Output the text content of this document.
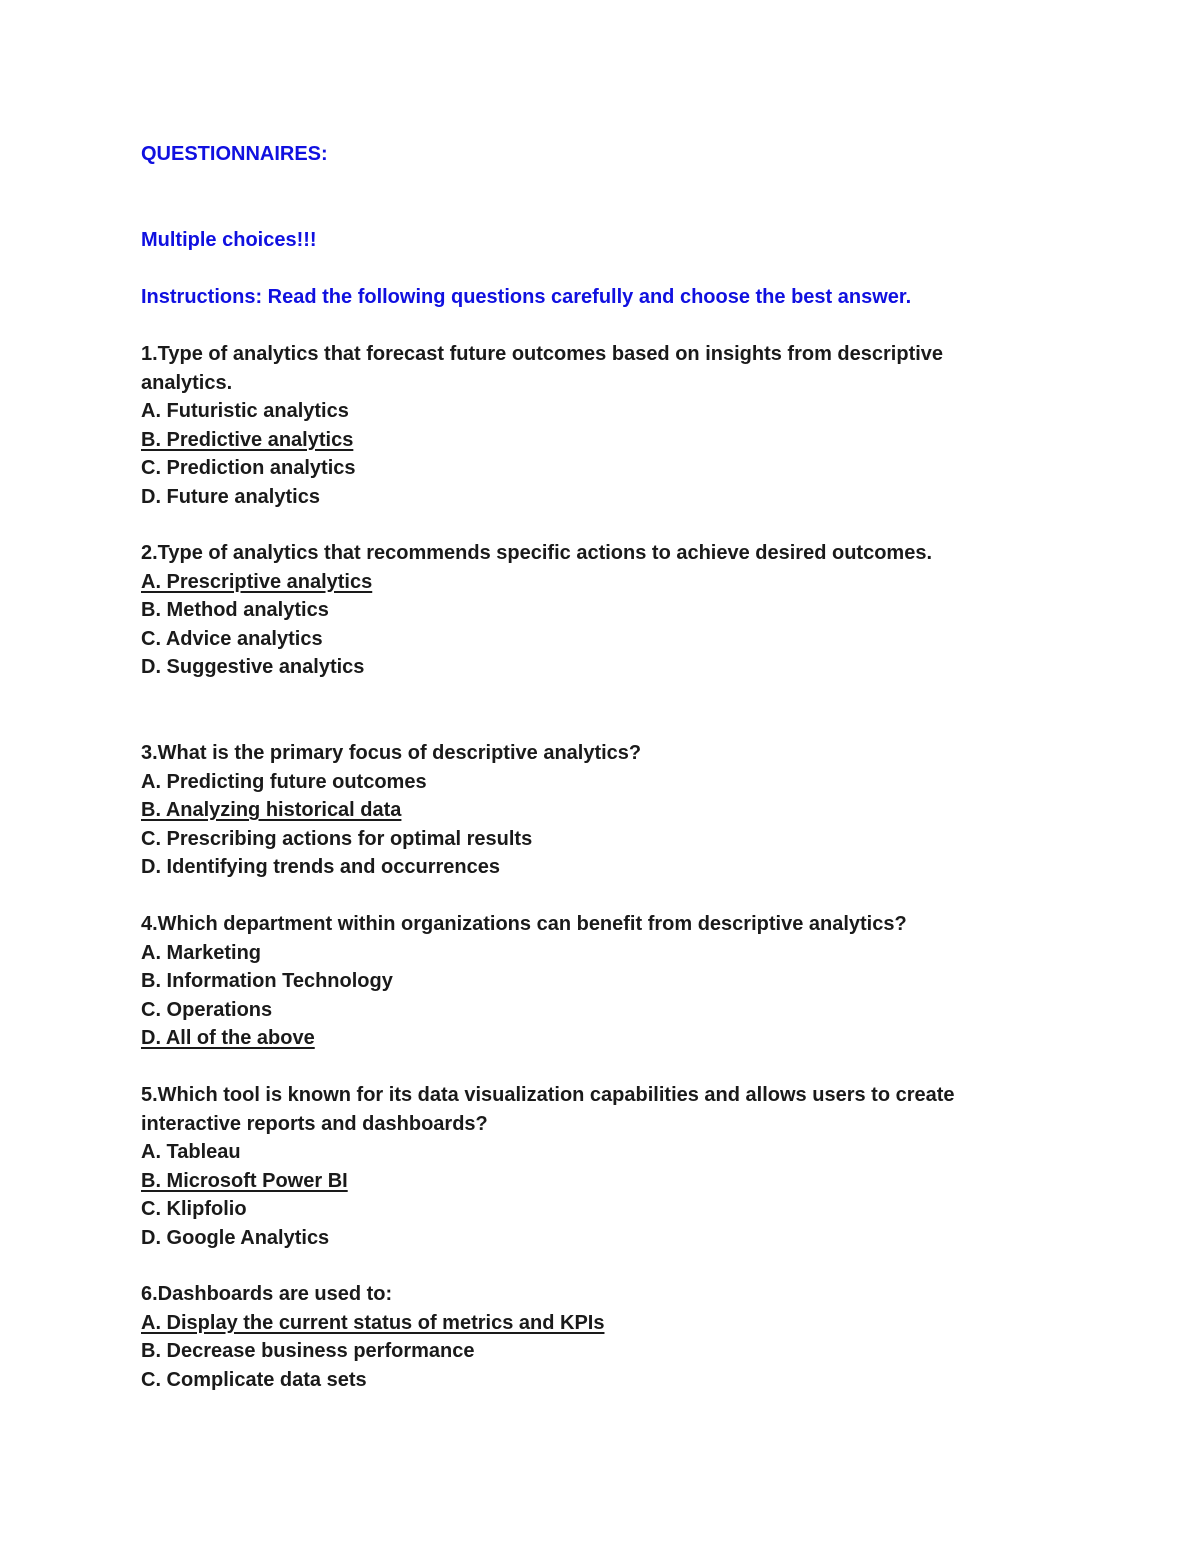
QUESTIONNAIRES:
Multiple choices!!!
Instructions: Read the following questions carefully and choose the best answer.
1.Type of analytics that forecast future outcomes based on insights from descriptive
analytics.
A. Futuristic analytics
B. Predictive analytics
C. Prediction analytics
D. Future analytics
2.Type of analytics that recommends specific actions to achieve desired outcomes.
A. Prescriptive analytics
B. Method analytics
C. Advice analytics
D. Suggestive analytics
3.What is the primary focus of descriptive analytics?
A. Predicting future outcomes
B. Analyzing historical data
C. Prescribing actions for optimal results
D. Identifying trends and occurrences
4.Which department within organizations can benefit from descriptive analytics?
A. Marketing
B. Information Technology
C. Operations
D. All of the above
5.Which tool is known for its data visualization capabilities and allows users to create
interactive reports and dashboards?
A. Tableau
B. Microsoft Power BI
C. Klipfolio
D. Google Analytics
6.Dashboards are used to:
A. Display the current status of metrics and KPIs
B. Decrease business performance
C. Complicate data sets
